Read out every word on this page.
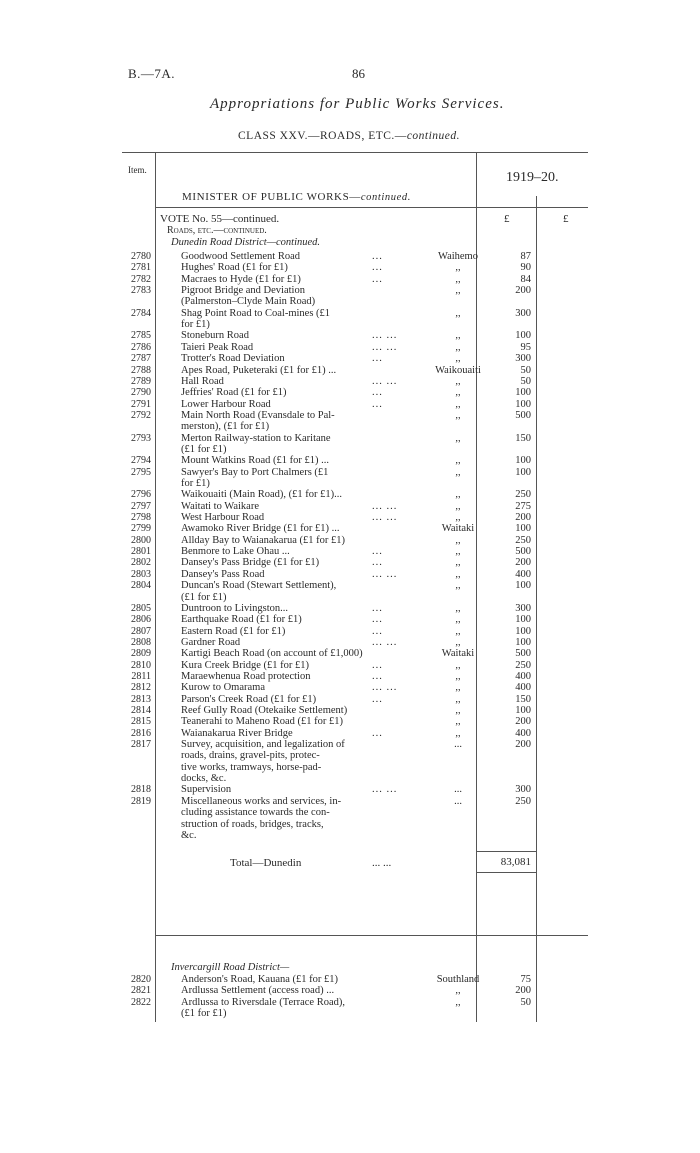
B.—7A.	86
Appropriations for Public Works Services.
CLASS XXV.—ROADS, ETC.—continued.
Item.	1919–20.
MINISTER OF PUBLIC WORKS—continued.
£	£
VOTE No. 55—continued.
Roads, etc.—continued.
Dunedin Road District—continued.
2780	Goodwood Settlement Road	...	Waihemo	87
2781	Hughes' Road (£1 for £1)	...	,,	90
2782	Macraes to Hyde (£1 for £1)	...	,,	84
2783	Pigroot Bridge and Deviation	,,	200
(Palmerston–Clyde Main Road)
2784	Shag Point Road to Coal-mines (£1	,,	300
for £1)
2785	Stoneburn Road	... ...	,,	100
2786	Taieri Peak Road	... ...	,,	95
2787	Trotter's Road Deviation	...	,,	300
2788	Apes Road, Puketeraki (£1 for £1) ...	Waikouaiti	50
2789	Hall Road	... ...	,,	50
2790	Jeffries' Road (£1 for £1)	...	,,	100
2791	Lower Harbour Road	...	,,	100
2792	Main North Road (Evansdale to Pal-	,,	500
merston), (£1 for £1)
2793	Merton Railway-station to Karitane	,,	150
(£1 for £1)
2794	Mount Watkins Road (£1 for £1) ...	,,	100
2795	Sawyer's Bay to Port Chalmers (£1	,,	100
for £1)
2796	Waikouaiti (Main Road), (£1 for £1)...	,,	250
2797	Waitati to Waikare	... ...	,,	275
2798	West Harbour Road	... ...	,,	200
2799	Awamoko River Bridge (£1 for £1) ...	Waitaki	100
2800	Allday Bay to Waianakarua (£1 for £1)	,,	250
2801	Benmore to Lake Ohau ...	...	,,	500
2802	Dansey's Pass Bridge (£1 for £1)	...	,,	200
2803	Dansey's Pass Road	... ...	,,	400
2804	Duncan's Road (Stewart Settlement),	,,	100
(£1 for £1)
2805	Duntroon to Livingston...	...	,,	300
2806	Earthquake Road (£1 for £1)	...	,,	100
2807	Eastern Road (£1 for £1)	...	,,	100
2808	Gardner Road	... ...	,,	100
2809	Kartigi Beach Road (on account of £1,000)	Waitaki	500
2810	Kura Creek Bridge (£1 for £1)	...	,,	250
2811	Maraewhenua Road protection	...	,,	400
2812	Kurow to Omarama	... ...	,,	400
2813	Parson's Creek Road (£1 for £1)	...	,,	150
2814	Reef Gully Road (Otekaike Settlement)	,,	100
2815	Teanerahi to Maheno Road (£1 for £1)	,,	200
2816	Waianakarua River Bridge	...	,,	400
2817	Survey, acquisition, and legalization of	...	200
roads, drains, gravel-pits, protec-
tive works, tramways, horse-pad-
docks, &c.
2818	Supervision	... ...	...	300
2819	Miscellaneous works and services, in-	...	250
cluding assistance towards the con-
struction of roads, bridges, tracks,
&c.
Total—Dunedin	... ...	83,081
Invercargill Road District—
2820	Anderson's Road, Kauana (£1 for £1)	Southland	75
2821	Ardlussa Settlement (access road) ...	,,	200
2822	Ardlussa to Riversdale (Terrace Road),	,,	50
(£1 for £1)
